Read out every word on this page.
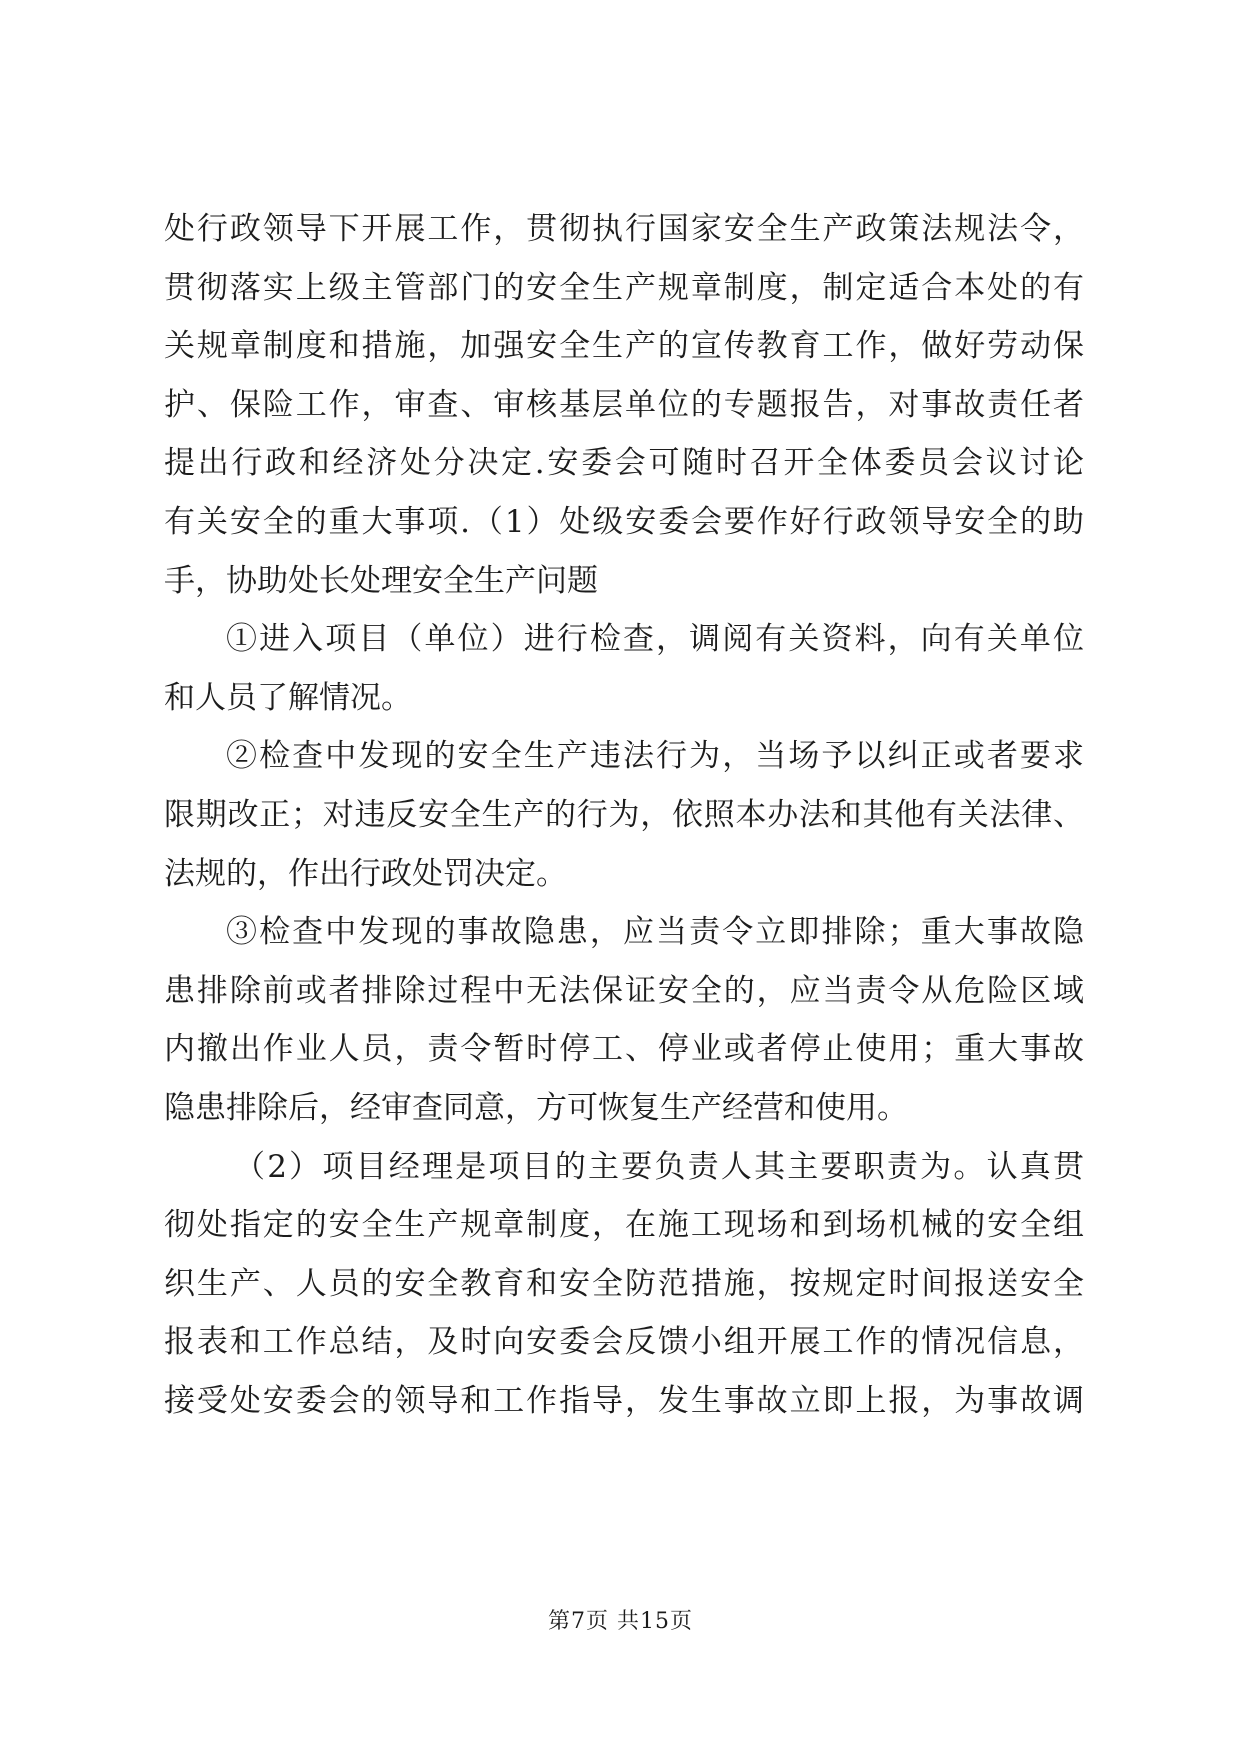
处行政领导下开展工作，贯彻执行国家安全生产政策法规法令，
贯彻落实上级主管部门的安全生产规章制度，制定适合本处的有
关规章制度和措施，加强安全生产的宣传教育工作，做好劳动保
护、保险工作，审查、审核基层单位的专题报告，对事故责任者
提出行政和经济处分决定.安委会可随时召开全体委员会议讨论
有关安全的重大事项.（1）处级安委会要作好行政领导安全的助
手，协助处长处理安全生产问题
①进入项目（单位）进行检查，调阅有关资料，向有关单位
和人员了解情况。
②检查中发现的安全生产违法行为，当场予以纠正或者要求
限期改正；对违反安全生产的行为，依照本办法和其他有关法律、
法规的，作出行政处罚决定。
③检查中发现的事故隐患，应当责令立即排除；重大事故隐
患排除前或者排除过程中无法保证安全的，应当责令从危险区域
内撤出作业人员，责令暂时停工、停业或者停止使用；重大事故
隐患排除后，经审查同意，方可恢复生产经营和使用。
（2）项目经理是项目的主要负责人其主要职责为。认真贯
彻处指定的安全生产规章制度，在施工现场和到场机械的安全组
织生产、人员的安全教育和安全防范措施，按规定时间报送安全
报表和工作总结，及时向安委会反馈小组开展工作的情况信息，
接受处安委会的领导和工作指导，发生事故立即上报，为事故调
第7页 共15页
